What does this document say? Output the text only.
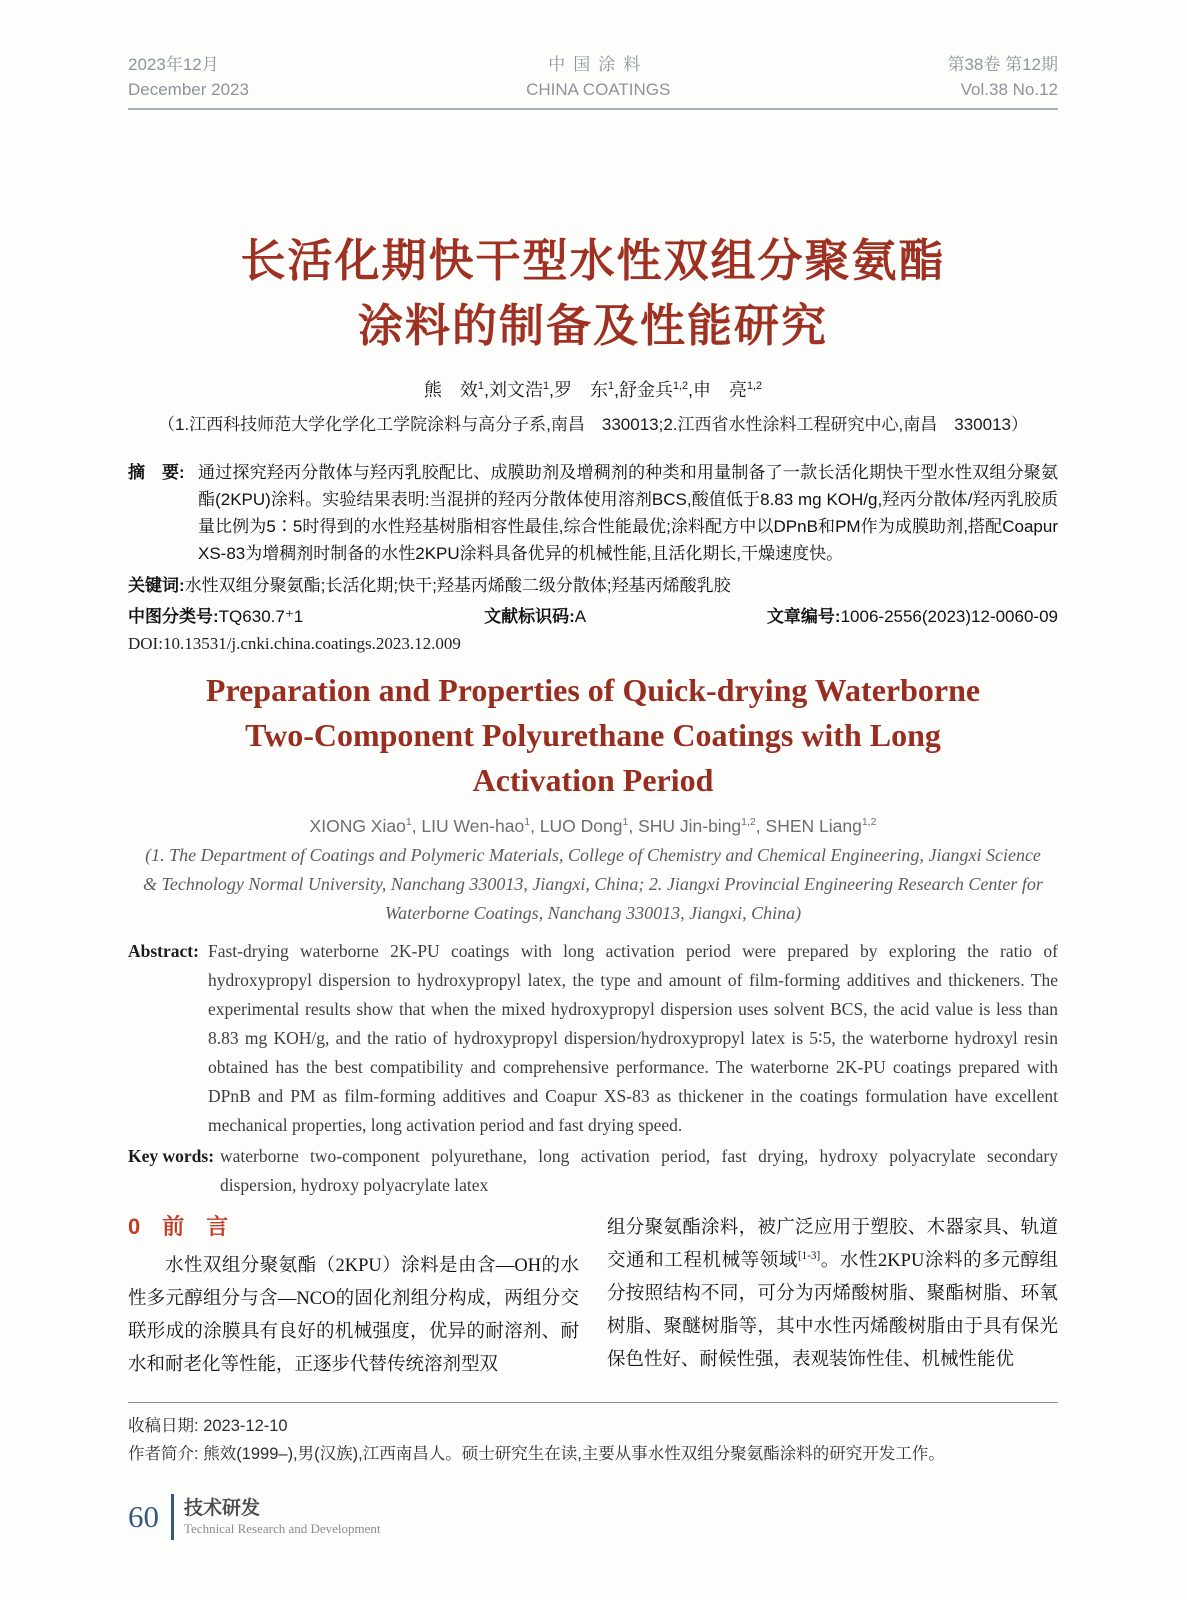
2023年12月
December 2023
中国涂料
CHINA COATINGS
第38卷 第12期
Vol.38 No.12
长活化期快干型水性双组分聚氨酯
涂料的制备及性能研究
熊　效$^1$,刘文浩$^1$,罗　东$^1$,舒金兵$^{1,2}$,申　亮$^{1,2}$
（1.江西科技师范大学化学化工学院涂料与高分子系,南昌　330013;2.江西省水性涂料工程研究中心,南昌　330013）
摘　要: 通过探究羟丙分散体与羟丙乳胶配比、成膜助剂及增稠剂的种类和用量制备了一款长活化期快干型水性双组分聚氨酯(2KPU)涂料。实验结果表明:当混拼的羟丙分散体使用溶剂BCS,酸值低于8.83 mg KOH/g,羟丙分散体/羟丙乳胶质量比例为5∶5时得到的水性羟基树脂相容性最佳,综合性能最优;涂料配方中以DPnB和PM作为成膜助剂,搭配Coapur XS-83为增稠剂时制备的水性2KPU涂料具备优异的机械性能,且活化期长,干燥速度快。
关键词: 水性双组分聚氨酯;长活化期;快干;羟基丙烯酸二级分散体;羟基丙烯酸乳胶
中图分类号:TQ630.7⁺1	文献标识码:A	文章编号:1006-2556(2023)12-0060-09
DOI:10.13531/j.cnki.china.coatings.2023.12.009
Preparation and Properties of Quick-drying Waterborne
Two-Component Polyurethane Coatings with Long
Activation Period
XIONG Xiao$^1$, LIU Wen-hao$^1$, LUO Dong$^1$, SHU Jin-bing$^{1,2}$, SHEN Liang$^{1,2}$
(1. The Department of Coatings and Polymeric Materials, College of Chemistry and Chemical Engineering, Jiangxi Science & Technology Normal University, Nanchang 330013, Jiangxi, China; 2. Jiangxi Provincial Engineering Research Center for Waterborne Coatings, Nanchang 330013, Jiangxi, China)
Abstract: Fast-drying waterborne 2K-PU coatings with long activation period were prepared by exploring the ratio of hydroxypropyl dispersion to hydroxypropyl latex, the type and amount of film-forming additives and thickeners. The experimental results show that when the mixed hydroxypropyl dispersion uses solvent BCS, the acid value is less than 8.83 mg KOH/g, and the ratio of hydroxypropyl dispersion/hydroxypropyl latex is 5∶5, the waterborne hydroxyl resin obtained has the best compatibility and comprehensive performance. The waterborne 2K-PU coatings prepared with DPnB and PM as film-forming additives and Coapur XS-83 as thickener in the coatings formulation have excellent mechanical properties, long activation period and fast drying speed.
Key words: waterborne two-component polyurethane, long activation period, fast drying, hydroxy polyacrylate secondary dispersion, hydroxy polyacrylate latex
0　前　言

水性双组分聚氨酯（2KPU）涂料是由含—OH的水性多元醇组分与含—NCO的固化剂组分构成，两组分交联形成的涂膜具有良好的机械强度，优异的耐溶剂、耐水和耐老化等性能，正逐步代替传统溶剂型双

组分聚氨酯涂料，被广泛应用于塑胶、木器家具、轨道交通和工程机械等领域[1-3]。水性2KPU涂料的多元醇组分按照结构不同，可分为丙烯酸树脂、聚酯树脂、环氧树脂、聚醚树脂等，其中水性丙烯酸树脂由于具有保光保色性好、耐候性强，表观装饰性佳、机械性能优

收稿日期: 2023-12-10
作者简介: 熊效(1999–),男(汉族),江西南昌人。硕士研究生在读,主要从事水性双组分聚氨酯涂料的研究开发工作。
60 技术研发
Technical Research and Development
